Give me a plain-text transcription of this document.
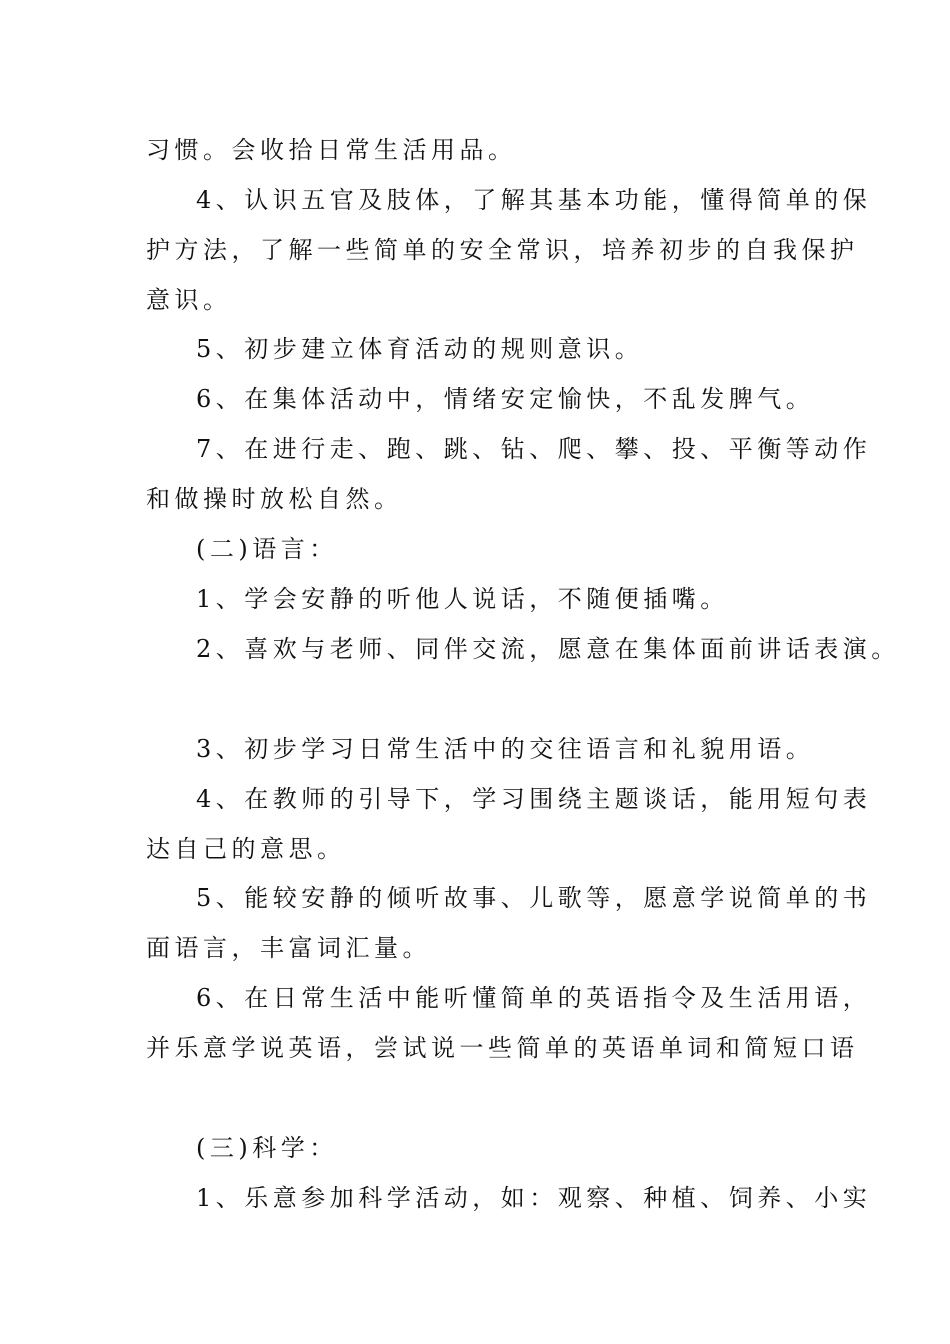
习惯。会收拾日常生活用品。
4、认识五官及肢体，了解其基本功能，懂得简单的保
护方法，了解一些简单的安全常识，培养初步的自我保护
意识。
5、初步建立体育活动的规则意识。
6、在集体活动中，情绪安定愉快，不乱发脾气。
7、在进行走、跑、跳、钻、爬、攀、投、平衡等动作
和做操时放松自然。
(二)语言：
1、学会安静的听他人说话，不随便插嘴。
2、喜欢与老师、同伴交流，愿意在集体面前讲话表演。
3、初步学习日常生活中的交往语言和礼貌用语。
4、在教师的引导下，学习围绕主题谈话，能用短句表
达自己的意思。
5、能较安静的倾听故事、儿歌等，愿意学说简单的书
面语言，丰富词汇量。
6、在日常生活中能听懂简单的英语指令及生活用语，
并乐意学说英语，尝试说一些简单的英语单词和简短口语
(三)科学：
1、乐意参加科学活动，如：观察、种植、饲养、小实
